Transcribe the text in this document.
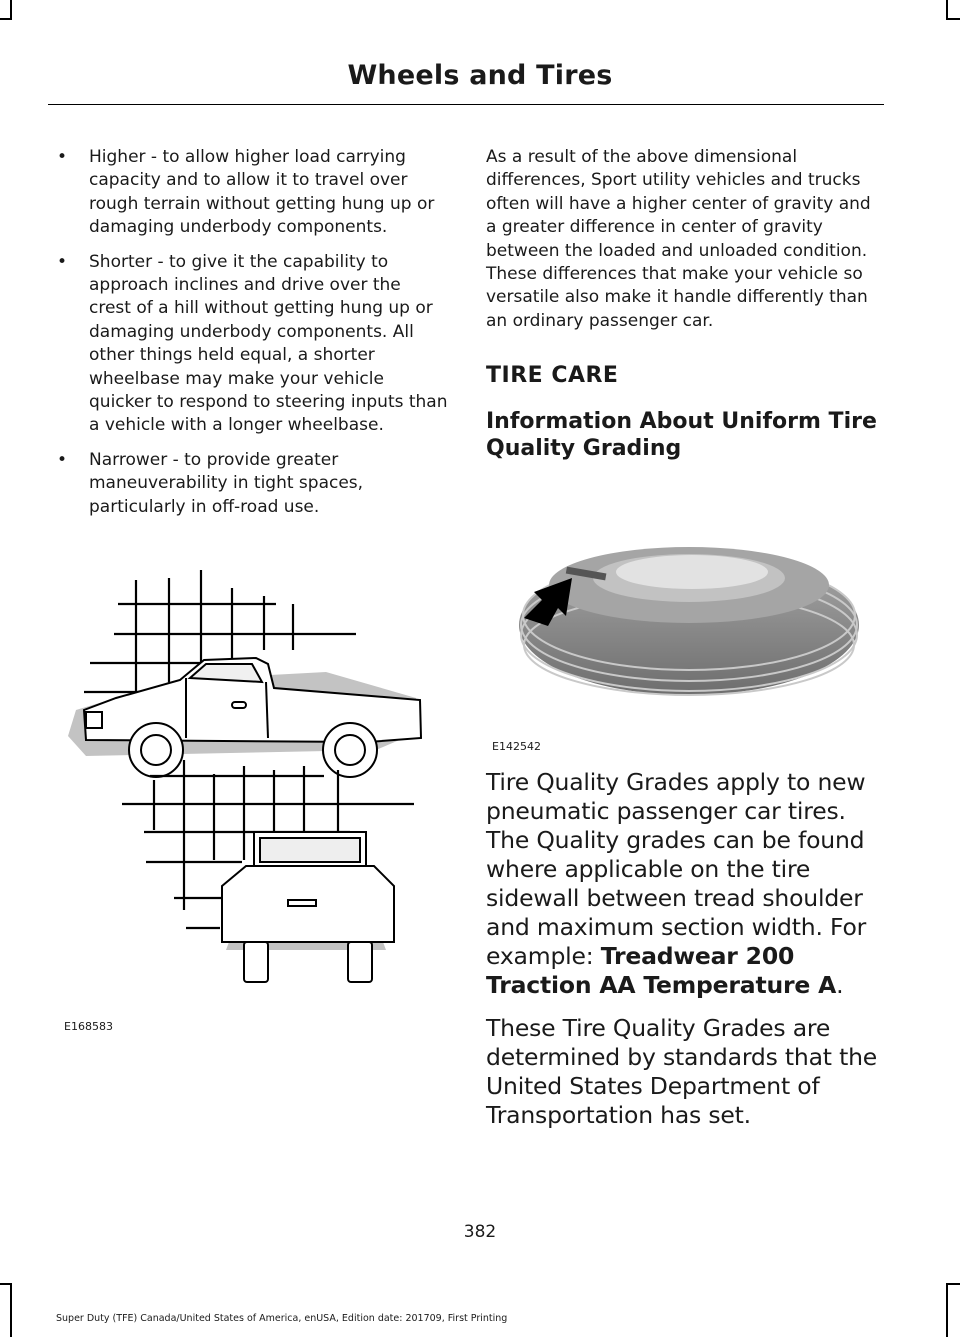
Wheels and Tires
• Higher - to allow higher load carrying capacity and to allow it to travel over rough terrain without getting hung up or damaging underbody components.
• Shorter - to give it the capability to approach inclines and drive over the crest of a hill without getting hung up or damaging underbody components. All other things held equal, a shorter wheelbase may make your vehicle quicker to respond to steering inputs than a vehicle with a longer wheelbase.
• Narrower - to provide greater maneuverability in tight spaces, particularly in off-road use.
E168583

As a result of the above dimensional differences, Sport utility vehicles and trucks often will have a higher center of gravity and a greater difference in center of gravity between the loaded and unloaded condition. These differences that make your vehicle so versatile also make it handle differently than an ordinary passenger car.

TIRE CARE

Information About Uniform Tire Quality Grading

E142542

Tire Quality Grades apply to new pneumatic passenger car tires. The Quality grades can be found where applicable on the tire sidewall between tread shoulder and maximum section width. For example: Treadwear 200 Traction AA Temperature A.

These Tire Quality Grades are determined by standards that the United States Department of Transportation has set.

382
Super Duty (TFE) Canada/United States of America, enUSA, Edition date: 201709, First Printing
